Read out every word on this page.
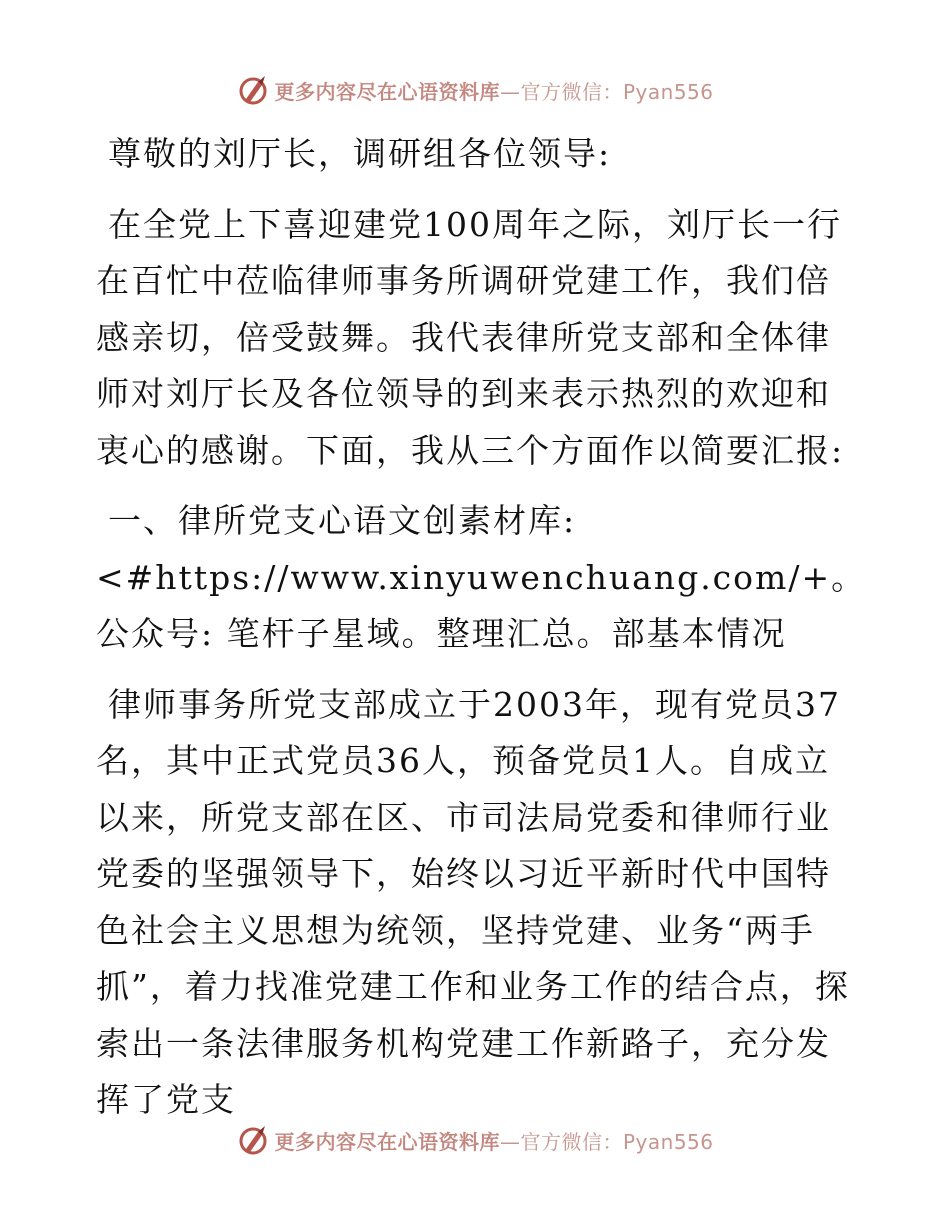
更多内容尽在心语资料库—官方微信：Pyan556

尊敬的刘厅长，调研组各位领导:

在全党上下喜迎建党100周年之际，刘厅长一行在百忙中莅临律师事务所调研党建工作，我们倍感亲切，倍受鼓舞。我代表律所党支部和全体律师对刘厅长及各位领导的到来表示热烈的欢迎和衷心的感谢。下面，我从三个方面作以简要汇报:

一、律所党支心语文创素材库: <#https://www.xinyuwenchuang.com/+。公众号: 笔杆子星域。整理汇总。部基本情况

律师事务所党支部成立于2003年，现有党员37名，其中正式党员36人，预备党员1人。自成立以来，所党支部在区、市司法局党委和律师行业党委的坚强领导下，始终以习近平新时代中国特色社会主义思想为统领，坚持党建、业务“两手抓”，着力找准党建工作和业务工作的结合点，探索出一条法律服务机构党建工作新路子，充分发挥了党支

更多内容尽在心语资料库—官方微信：Pyan556
